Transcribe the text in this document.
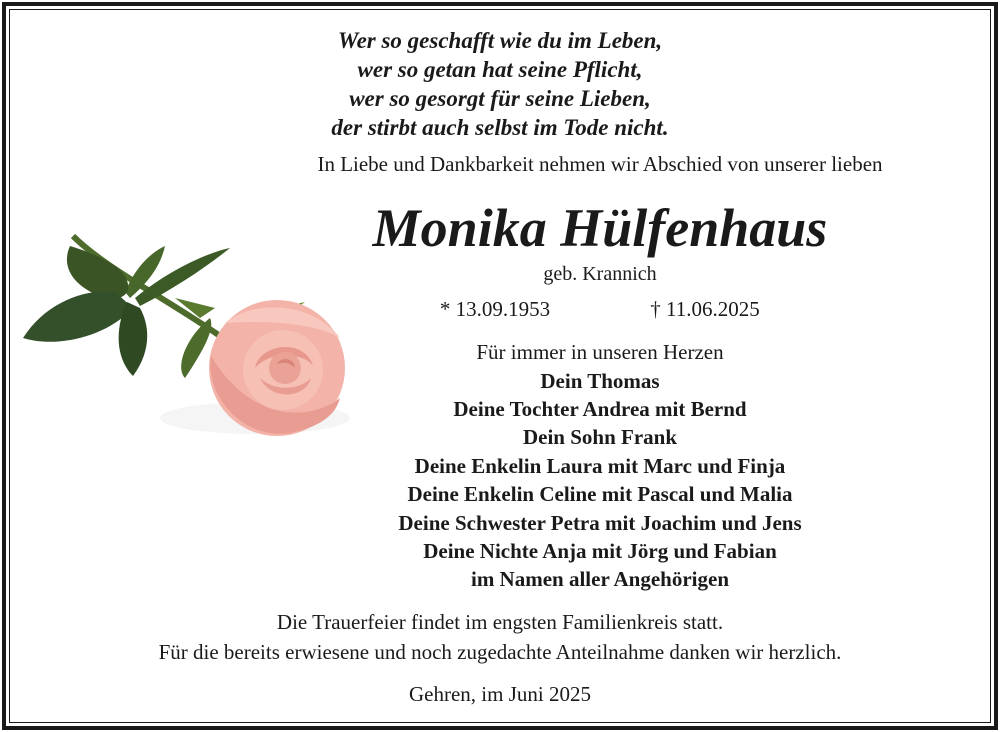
Wer so geschafft wie du im Leben,
wer so getan hat seine Pflicht,
wer so gesorgt für seine Lieben,
der stirbt auch selbst im Tode nicht.
In Liebe und Dankbarkeit nehmen wir Abschied von unserer lieben
Monika Hülfenhaus
geb. Krannich
* 13.09.1953	† 11.06.2025
Für immer in unseren Herzen
Dein Thomas
Deine Tochter Andrea mit Bernd
Dein Sohn Frank
Deine Enkelin Laura mit Marc und Finja
Deine Enkelin Celine mit Pascal und Malia
Deine Schwester Petra mit Joachim und Jens
Deine Nichte Anja mit Jörg und Fabian
im Namen aller Angehörigen
Die Trauerfeier findet im engsten Familienkreis statt.
Für die bereits erwiesene und noch zugedachte Anteilnahme danken wir herzlich.
Gehren, im Juni 2025
